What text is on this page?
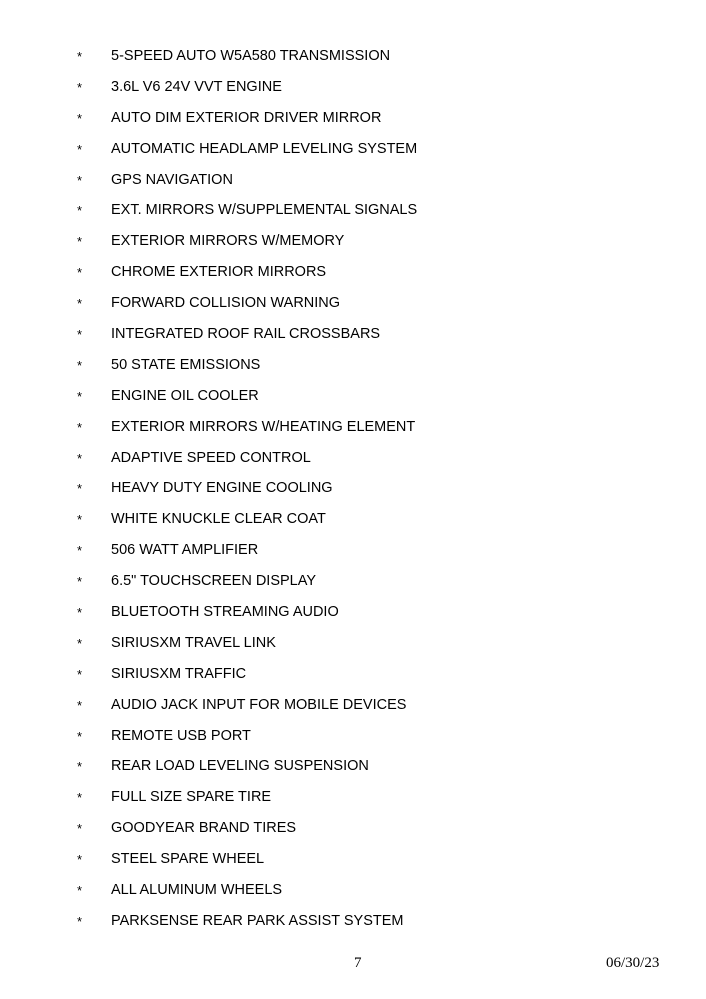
* 5-SPEED AUTO W5A580 TRANSMISSION
* 3.6L V6 24V VVT ENGINE
* AUTO DIM EXTERIOR DRIVER MIRROR
* AUTOMATIC HEADLAMP LEVELING SYSTEM
* GPS NAVIGATION
* EXT. MIRRORS W/SUPPLEMENTAL SIGNALS
* EXTERIOR MIRRORS W/MEMORY
* CHROME EXTERIOR MIRRORS
* FORWARD COLLISION WARNING
* INTEGRATED ROOF RAIL CROSSBARS
* 50 STATE EMISSIONS
* ENGINE OIL COOLER
* EXTERIOR MIRRORS W/HEATING ELEMENT
* ADAPTIVE SPEED CONTROL
* HEAVY DUTY ENGINE COOLING
* WHITE KNUCKLE CLEAR COAT
* 506 WATT AMPLIFIER
* 6.5" TOUCHSCREEN DISPLAY
* BLUETOOTH STREAMING AUDIO
* SIRIUSXM TRAVEL LINK
* SIRIUSXM TRAFFIC
* AUDIO JACK INPUT FOR MOBILE DEVICES
* REMOTE USB PORT
* REAR LOAD LEVELING SUSPENSION
* FULL SIZE SPARE TIRE
* GOODYEAR BRAND TIRES
* STEEL SPARE WHEEL
* ALL ALUMINUM WHEELS
* PARKSENSE REAR PARK ASSIST SYSTEM
7	06/30/23
